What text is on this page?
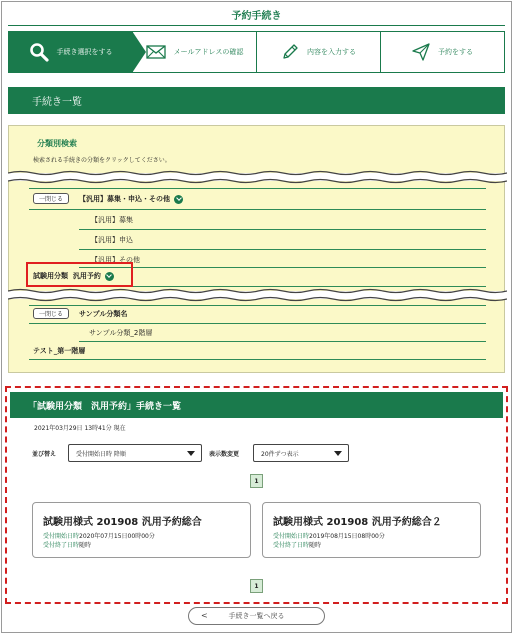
予約手続き
手続き選択をする	メールアドレスの確認	内容を入力する	予約をする
手続き一覧
分類別検索
検索される手続きの分類をクリックしてください。
一閉じる	【汎用】募集・申込・その他
【汎用】募集
【汎用】申込
【汎用】その他
試験用分類 汎用予約
一閉じる	サンプル分類名
サンプル分類_2階層
テスト_第一階層
「試験用分類　汎用予約」手続き一覧
2021年03月29日 13時41分 現在
並び替え	受付開始日時 降順	表示数変更	20件ずつ表示
1
試験用様式 201908 汎用予約総合
受付開始日時2020年07月15日00時00分
受付終了日時随時
試験用様式 201908 汎用予約総合２
受付開始日時2019年08月15日08時00分
受付終了日時随時
1
<	手続き一覧へ戻る
